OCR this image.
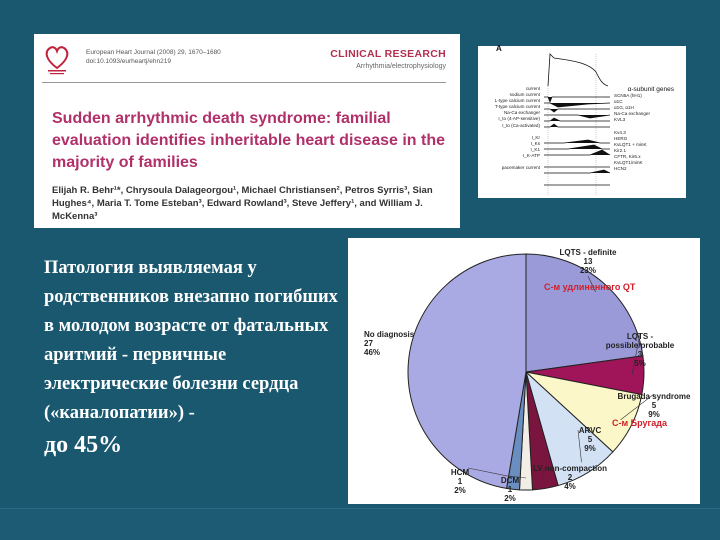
European Heart Journal (2008) 29, 1670–1680
doi:10.1093/eurheartj/ehn219
CLINICAL RESEARCH
Arrhythmia/electrophysiology
Sudden arrhythmic death syndrome: familial evaluation identifies inheritable heart disease in the majority of families
Elijah R. Behr¹*, Chrysoula Dalageorgou¹, Michael Christiansen², Petros Syrris³, Sian Hughes⁴, Maria T. Tome Esteban³, Edward Rowland³, Steve Jeffery¹, and William J. McKenna³
A
α-subunit genes
current
sodium current
L-type calcium current
T-type calcium current
Na-Ca exchanger
I_to (4-AP-sensitive)
I_to (Ca-activated)

I_Kr
I_Ks
I_K1
I_K-ATP

pacemaker current
SCN5A (hH1)
α1C
α1G, α1H
Na-Ca exchanger
KVL3

Kv4.3
HERG
KvLQT1 + minK
Kir2.1
CFTR, Kir6.x
KvLQT1/minK
HCN2
Патология выявляемая у родственников внезапно погибших в молодом возрасте от фатальных аритмий - первичные электрические болезни сердца («каналопатии») -
до 45%
LQTS - definite 13 23%
LQTS -possible/probable 3 5%
Brugada syndrome 5 9%
ARVC 5 9%
LV non-compaction 2 4%
DCM 1 2%
HCM 1 2%
No diagnosis 27 46%
С-м удлиненного QT
С-м Бругада
